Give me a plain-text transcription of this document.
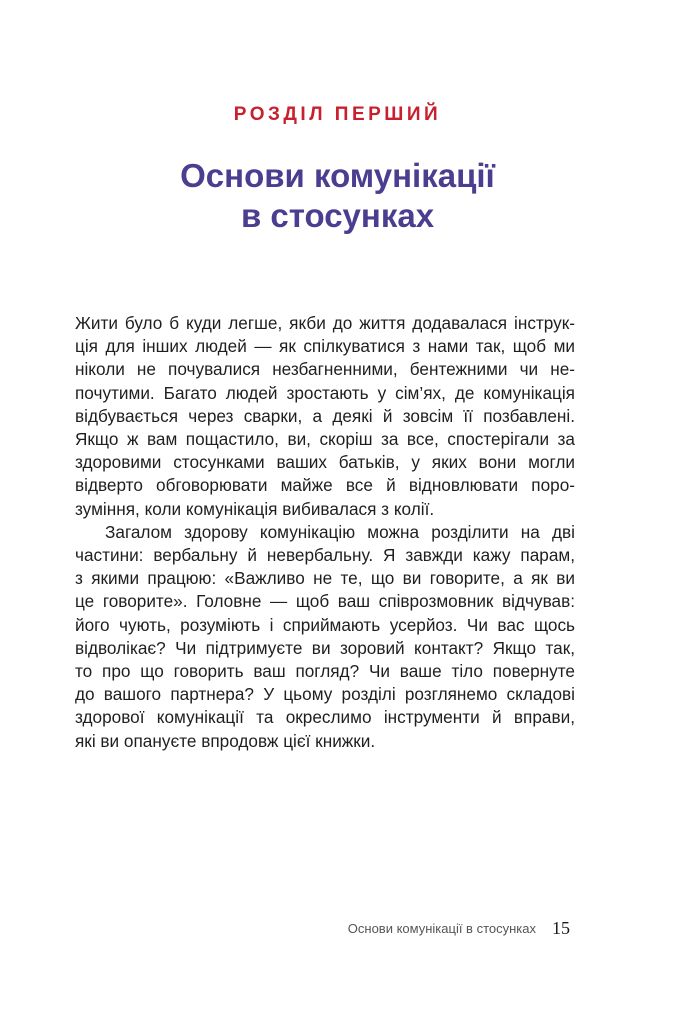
РОЗДІЛ ПЕРШИЙ
Основи комунікації
в стосунках

Жити було б куди легше, якби до життя додавалася інструк-
ція для інших людей — як спілкуватися з нами так, щоб ми
ніколи не почувалися незбагненними, бентежними чи не-
почутими. Багато людей зростають у сім’ях, де комунікація
відбувається через сварки, а деякі й зовсім її позбавлені.
Якщо ж вам пощастило, ви, скоріш за все, спостерігали за
здоровими стосунками ваших батьків, у яких вони могли
відверто обговорювати майже все й відновлювати порo-
зуміння, коли комунікація вибивалася з колії.

Загалом здорову комунікацію можна розділити на дві
частини: вербальну й невербальну. Я завжди кажу парам,
з якими працюю: «Важливо не те, що ви говорите, а як ви
це говорите». Головне — щоб ваш співрозмовник відчував:
його чують, розуміють і сприймають усерйоз. Чи вас щось
відволікає? Чи підтримуєте ви зоровий контакт? Якщо так,
то про що говорить ваш погляд? Чи ваше тіло повернуте
до вашого партнера? У цьому розділі розглянемо складові
здорової комунікації та окреслимо інструменти й вправи,
які ви опануєте впродовж цієї книжки.

Основи комунікації в стосунках 15
